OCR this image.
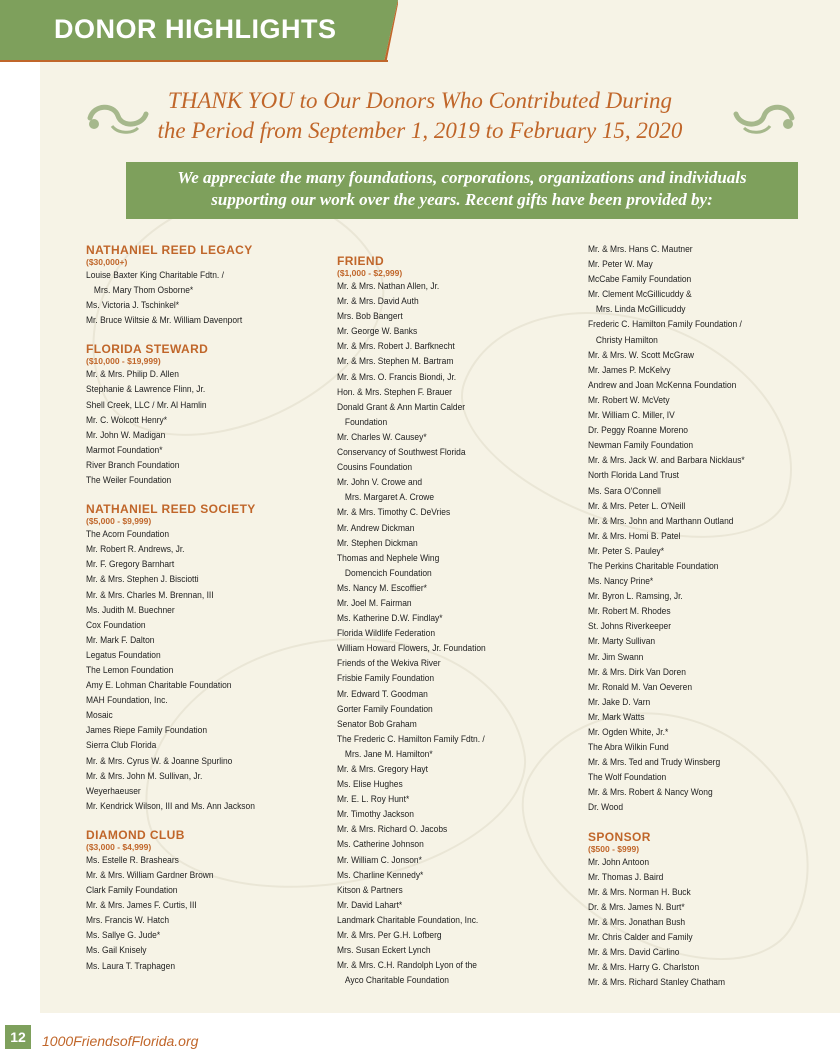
DONOR HIGHLIGHTS
THANK YOU to Our Donors Who Contributed During
the Period from September 1, 2019 to February 15, 2020
We appreciate the many foundations, corporations, organizations and individuals
supporting our work over the years. Recent gifts have been provided by:
NATHANIEL REED LEGACY
($30,000+)
Louise Baxter King Charitable Fdtn. /
Mrs. Mary Thom Osborne*
Ms. Victoria J. Tschinkel*
Mr. Bruce Wiltsie & Mr. William Davenport
FLORIDA STEWARD
($10,000 - $19,999)
Mr. & Mrs. Philip D. Allen
Stephanie & Lawrence Flinn, Jr.
Shell Creek, LLC / Mr. Al Hamlin
Mr. C. Wolcott Henry*
Mr. John W. Madigan
Marmot Foundation*
River Branch Foundation
The Weiler Foundation
NATHANIEL REED SOCIETY
($5,000 - $9,999)
The Acorn Foundation
Mr. Robert R. Andrews, Jr.
Mr. F. Gregory Barnhart
Mr. & Mrs. Stephen J. Bisciotti
Mr. & Mrs. Charles M. Brennan, III
Ms. Judith M. Buechner
Cox Foundation
Mr. Mark F. Dalton
Legatus Foundation
The Lemon Foundation
Amy E. Lohman Charitable Foundation
MAH Foundation, Inc.
Mosaic
James Riepe Family Foundation
Sierra Club Florida
Mr. & Mrs. Cyrus W. & Joanne Spurlino
Mr. & Mrs. John M. Sullivan, Jr.
Weyerhaeuser
Mr. Kendrick Wilson, III and Ms. Ann Jackson
DIAMOND CLUB
($3,000 - $4,999)
Ms. Estelle R. Brashears
Mr. & Mrs. William Gardner Brown
Clark Family Foundation
Mr. & Mrs. James F. Curtis, III
Mrs. Francis W. Hatch
Ms. Sallye G. Jude*
Ms. Gail Knisely
Ms. Laura T. Traphagen
FRIEND
($1,000 - $2,999)
Mr. & Mrs. Nathan Allen, Jr.
Mr. & Mrs. David Auth
Mrs. Bob Bangert
Mr. George W. Banks
Mr. & Mrs. Robert J. Barfknecht
Mr. & Mrs. Stephen M. Bartram
Mr. & Mrs. O. Francis Biondi, Jr.
Hon. & Mrs. Stephen F. Brauer
Donald Grant & Ann Martin Calder
Foundation
Mr. Charles W. Causey*
Conservancy of Southwest Florida
Cousins Foundation
Mr. John V. Crowe and
Mrs. Margaret A. Crowe
Mr. & Mrs. Timothy C. DeVries
Mr. Andrew Dickman
Mr. Stephen Dickman
Thomas and Nephele Wing
Domencich Foundation
Ms. Nancy M. Escoffier*
Mr. Joel M. Fairman
Ms. Katherine D.W. Findlay*
Florida Wildlife Federation
William Howard Flowers, Jr. Foundation
Friends of the Wekiva River
Frisbie Family Foundation
Mr. Edward T. Goodman
Gorter Family Foundation
Senator Bob Graham
The Frederic C. Hamilton Family Fdtn. /
Mrs. Jane M. Hamilton*
Mr. & Mrs. Gregory Hayt
Ms. Elise Hughes
Mr. E. L. Roy Hunt*
Mr. Timothy Jackson
Mr. & Mrs. Richard O. Jacobs
Ms. Catherine Johnson
Mr. William C. Jonson*
Ms. Charline Kennedy*
Kitson & Partners
Mr. David Lahart*
Landmark Charitable Foundation, Inc.
Mr. & Mrs. Per G.H. Lofberg
Mrs. Susan Eckert Lynch
Mr. & Mrs. C.H. Randolph Lyon of the
Ayco Charitable Foundation
Mr. & Mrs. Hans C. Mautner
Mr. Peter W. May
McCabe Family Foundation
Mr. Clement McGillicuddy &
Mrs. Linda McGillicuddy
Frederic C. Hamilton Family Foundation /
Christy Hamilton
Mr. & Mrs. W. Scott McGraw
Mr. James P. McKelvy
Andrew and Joan McKenna Foundation
Mr. Robert W. McVety
Mr. William C. Miller, IV
Dr. Peggy Roanne Moreno
Newman Family Foundation
Mr. & Mrs. Jack W. and Barbara Nicklaus*
North Florida Land Trust
Ms. Sara O'Connell
Mr. & Mrs. Peter L. O'Neill
Mr. & Mrs. John and Marthann Outland
Mr. & Mrs. Homi B. Patel
Mr. Peter S. Pauley*
The Perkins Charitable Foundation
Ms. Nancy Prine*
Mr. Byron L. Ramsing, Jr.
Mr. Robert M. Rhodes
St. Johns Riverkeeper
Mr. Marty Sullivan
Mr. Jim Swann
Mr. & Mrs. Dirk Van Doren
Mr. Ronald M. Van Oeveren
Mr. Jake D. Varn
Mr. Mark Watts
Mr. Ogden White, Jr.*
The Abra Wilkin Fund
Mr. & Mrs. Ted and Trudy Winsberg
The Wolf Foundation
Mr. & Mrs. Robert & Nancy Wong
Dr. Wood
SPONSOR
($500 - $999)
Mr. John Antoon
Mr. Thomas J. Baird
Mr. & Mrs. Norman H. Buck
Dr. & Mrs. James N. Burt*
Mr. & Mrs. Jonathan Bush
Mr. Chris Calder and Family
Mr. & Mrs. David Carlino
Mr. & Mrs. Harry G. Charlston
Mr. & Mrs. Richard Stanley Chatham
12	1000FriendsofFlorida.org
